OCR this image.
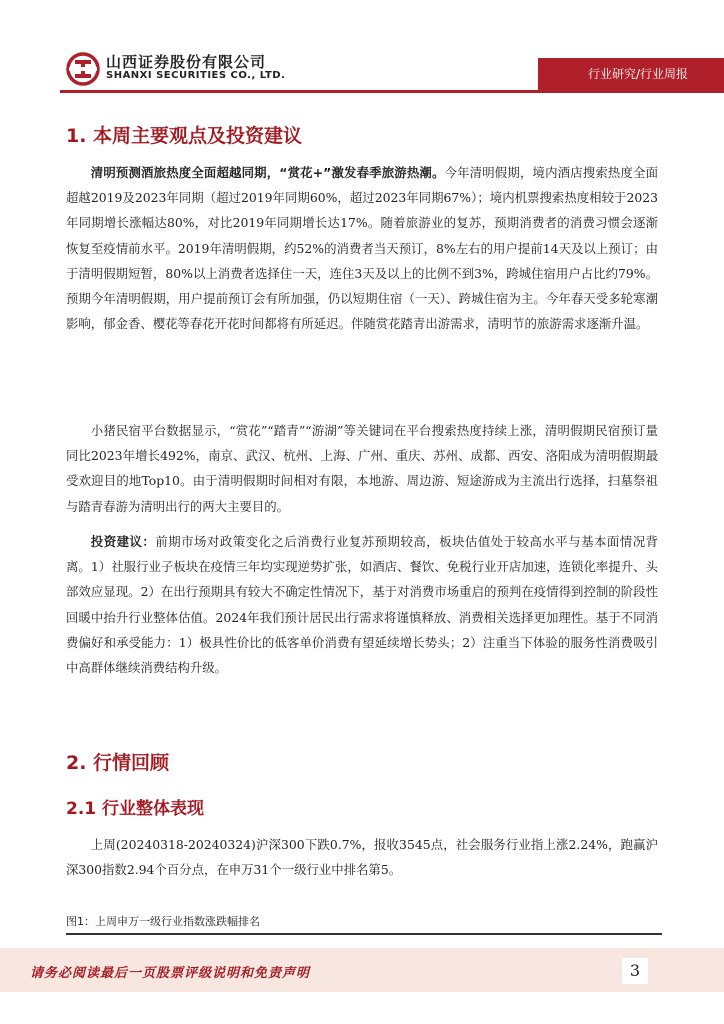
山西证券股份有限公司
SHANXI SECURITIES CO., LTD.	行业研究/行业周报
1. 本周主要观点及投资建议

清明预测酒旅热度全面超越同期，“赏花+”激发春季旅游热潮。今年清明假期，境内酒店搜索热度全面超越2019及2023年同期（超过2019年同期60%，超过2023年同期67%）；境内机票搜索热度相较于2023年同期增长涨幅达80%，对比2019年同期增长达17%。随着旅游业的复苏，预期消费者的消费习惯会逐渐恢复至疫情前水平。2019年清明假期，约52%的消费者当天预订，8%左右的用户提前14天及以上预订；由于清明假期短暂，80%以上消费者选择住一天，连住3天及以上的比例不到3%，跨城住宿用户占比约79%。预期今年清明假期，用户提前预订会有所加强，仍以短期住宿（一天）、跨城住宿为主。今年春天受多轮寒潮影响，郁金香、樱花等春花开花时间都将有所延迟。伴随赏花踏青出游需求，清明节的旅游需求逐渐升温。

小猪民宿平台数据显示，“赏花”“踏青”“游湖”等关键词在平台搜索热度持续上涨，清明假期民宿预订量同比2023年增长492%，南京、武汉、杭州、上海、广州、重庆、苏州、成都、西安、洛阳成为清明假期最受欢迎目的地Top10。由于清明假期时间相对有限，本地游、周边游、短途游成为主流出行选择，扫墓祭祖与踏青春游为清明出行的两大主要目的。

投资建议：前期市场对政策变化之后消费行业复苏预期较高，板块估值处于较高水平与基本面情况背离。1）社服行业子板块在疫情三年均实现逆势扩张，如酒店、餐饮、免税行业开店加速，连锁化率提升、头部效应显现。2）在出行预期具有较大不确定性情况下，基于对消费市场重启的预判在疫情得到控制的阶段性回暖中抬升行业整体估值。2024年我们预计居民出行需求将谨慎释放、消费相关选择更加理性。基于不同消费偏好和承受能力：1）极具性价比的低客单价消费有望延续增长势头；2）注重当下体验的服务性消费吸引中高群体继续消费结构升级。

2. 行情回顾
2.1 行业整体表现

上周(20240318-20240324)沪深300下跌0.7%，报收3545点，社会服务行业指上涨2.24%，跑赢沪深300指数2.94个百分点，在申万31个一级行业中排名第5。

图1：上周申万一级行业指数涨跌幅排名
请务必阅读最后一页股票评级说明和免责声明	3
